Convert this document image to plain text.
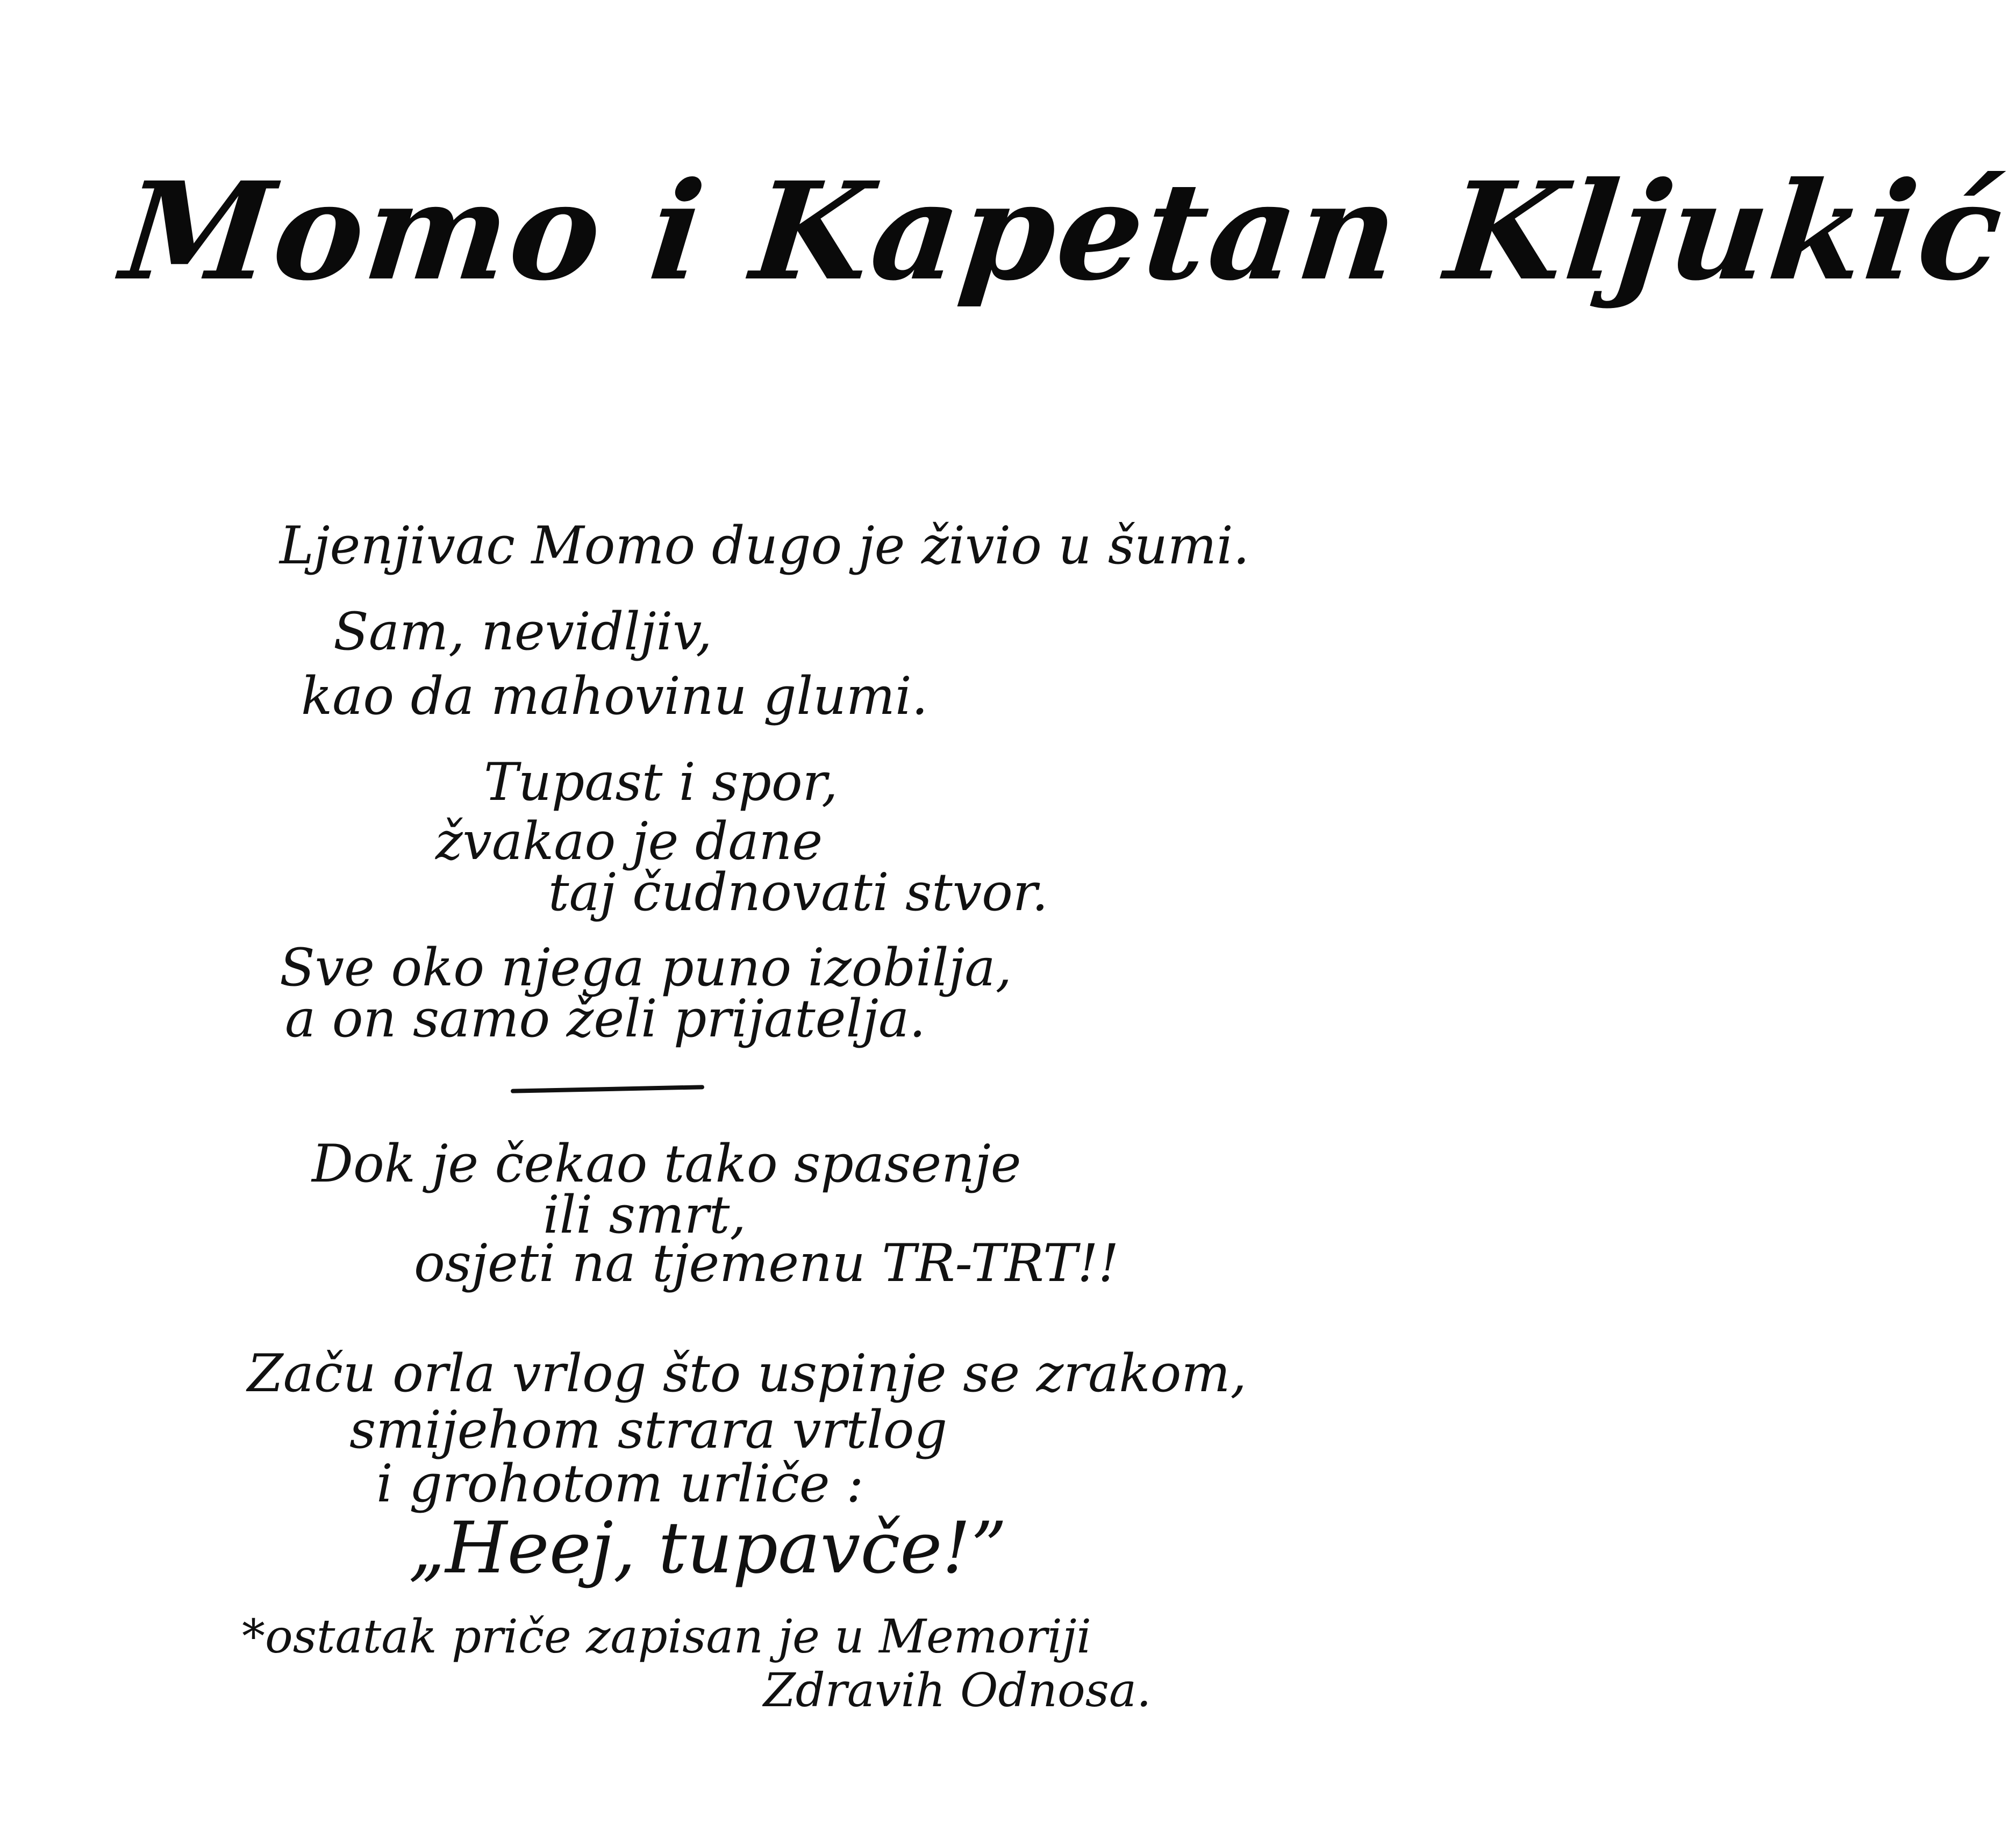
Momo i Kapetan Kljukić
Ljenjivac Momo dugo je živio u šumi.
Sam, nevidljiv,
kao da mahovinu glumi.
Tupast i spor,
žvakao je dane
taj čudnovati stvor.
Sve oko njega puno izobilja,
a on samo želi prijatelja.
Dok je čekao tako spasenje
ili smrt,
osjeti na tjemenu TR-TRT!!
Začu orla vrlog što uspinje se zrakom,
smijehom strara vrtlog
i grohotom urliče :
„Heej, tupavče!”
*ostatak priče zapisan je u Memoriji
Zdravih Odnosa.
